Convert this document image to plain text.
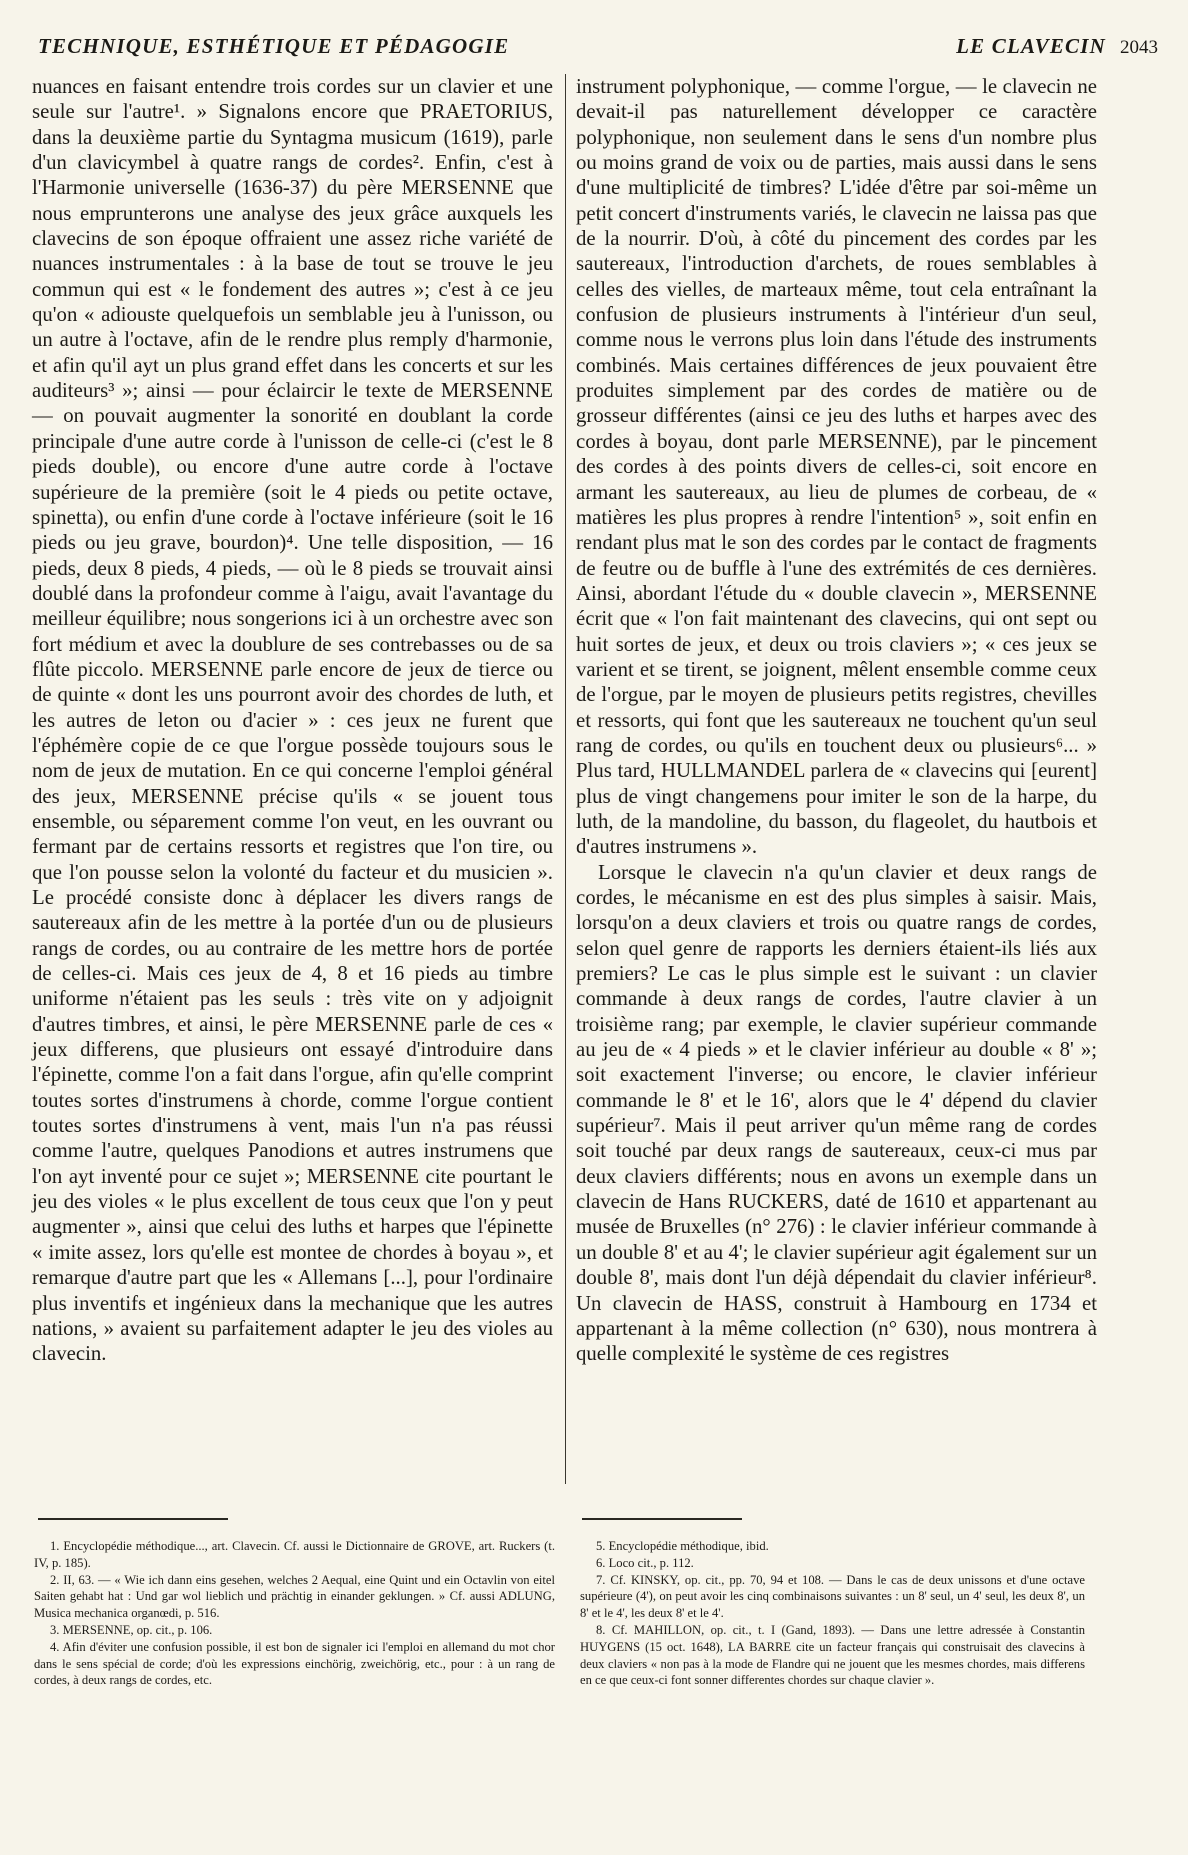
TECHNIQUE, ESTHÉTIQUE ET PÉDAGOGIE	LE CLAVECIN 2043

nuances en faisant entendre trois cordes sur un clavier et une seule sur l'autre¹. » Signalons encore que PRAETORIUS, dans la deuxième partie du Syntagma musicum (1619), parle d'un clavicymbel à quatre rangs de cordes². Enfin, c'est à l'Harmonie universelle (1636-37) du père MERSENNE que nous emprunterons une analyse des jeux grâce auxquels les clavecins de son époque offraient une assez riche variété de nuances instrumentales : à la base de tout se trouve le jeu commun qui est « le fondement des autres »; c'est à ce jeu qu'on « adiouste quelquefois un semblable jeu à l'unisson, ou un autre à l'octave, afin de le rendre plus remply d'harmonie, et afin qu'il ayt un plus grand effet dans les concerts et sur les auditeurs³ »; ainsi — pour éclaircir le texte de MERSENNE — on pouvait augmenter la sonorité en doublant la corde principale d'une autre corde à l'unisson de celle-ci (c'est le 8 pieds double), ou encore d'une autre corde à l'octave supérieure de la première (soit le 4 pieds ou petite octave, spinetta), ou enfin d'une corde à l'octave inférieure (soit le 16 pieds ou jeu grave, bourdon)⁴. Une telle disposition, — 16 pieds, deux 8 pieds, 4 pieds, — où le 8 pieds se trouvait ainsi doublé dans la profondeur comme à l'aigu, avait l'avantage du meilleur équilibre; nous songerions ici à un orchestre avec son fort médium et avec la doublure de ses contrebasses ou de sa flûte piccolo. MERSENNE parle encore de jeux de tierce ou de quinte « dont les uns pourront avoir des chordes de luth, et les autres de leton ou d'acier » : ces jeux ne furent que l'éphémère copie de ce que l'orgue possède toujours sous le nom de jeux de mutation. En ce qui concerne l'emploi général des jeux, MERSENNE précise qu'ils « se jouent tous ensemble, ou séparement comme l'on veut, en les ouvrant ou fermant par de certains ressorts et registres que l'on tire, ou que l'on pousse selon la volonté du facteur et du musicien ». Le procédé consiste donc à déplacer les divers rangs de sautereaux afin de les mettre à la portée d'un ou de plusieurs rangs de cordes, ou au contraire de les mettre hors de portée de celles-ci. Mais ces jeux de 4, 8 et 16 pieds au timbre uniforme n'étaient pas les seuls : très vite on y adjoignit d'autres timbres, et ainsi, le père MERSENNE parle de ces « jeux differens, que plusieurs ont essayé d'introduire dans l'épinette, comme l'on a fait dans l'orgue, afin qu'elle comprint toutes sortes d'instrumens à chorde, comme l'orgue contient toutes sortes d'instrumens à vent, mais l'un n'a pas réussi comme l'autre, quelques Panodions et autres instrumens que l'on ayt inventé pour ce sujet »; MERSENNE cite pourtant le jeu des violes « le plus excellent de tous ceux que l'on y peut augmenter », ainsi que celui des luths et harpes que l'épinette « imite assez, lors qu'elle est montee de chordes à boyau », et remarque d'autre part que les « Allemans [...], pour l'ordinaire plus inventifs et ingénieux dans la mechanique que les autres nations, » avaient su parfaitement adapter le jeu des violes au clavecin.

instrument polyphonique, — comme l'orgue, — le clavecin ne devait-il pas naturellement développer ce caractère polyphonique, non seulement dans le sens d'un nombre plus ou moins grand de voix ou de parties, mais aussi dans le sens d'une multiplicité de timbres? L'idée d'être par soi-même un petit concert d'instruments variés, le clavecin ne laissa pas que de la nourrir. D'où, à côté du pincement des cordes par les sautereaux, l'introduction d'archets, de roues semblables à celles des vielles, de marteaux même, tout cela entraînant la confusion de plusieurs instruments à l'intérieur d'un seul, comme nous le verrons plus loin dans l'étude des instruments combinés. Mais certaines différences de jeux pouvaient être produites simplement par des cordes de matière ou de grosseur différentes (ainsi ce jeu des luths et harpes avec des cordes à boyau, dont parle MERSENNE), par le pincement des cordes à des points divers de celles-ci, soit encore en armant les sautereaux, au lieu de plumes de corbeau, de « matières les plus propres à rendre l'intention⁵ », soit enfin en rendant plus mat le son des cordes par le contact de fragments de feutre ou de buffle à l'une des extrémités de ces dernières. Ainsi, abordant l'étude du « double clavecin », MERSENNE écrit que « l'on fait maintenant des clavecins, qui ont sept ou huit sortes de jeux, et deux ou trois claviers »; « ces jeux se varient et se tirent, se joignent, mêlent ensemble comme ceux de l'orgue, par le moyen de plusieurs petits registres, chevilles et ressorts, qui font que les sautereaux ne touchent qu'un seul rang de cordes, ou qu'ils en touchent deux ou plusieurs⁶... » Plus tard, HULLMANDEL parlera de « clavecins qui [eurent] plus de vingt changemens pour imiter le son de la harpe, du luth, de la mandoline, du basson, du flageolet, du hautbois et d'autres instrumens ».

Lorsque le clavecin n'a qu'un clavier et deux rangs de cordes, le mécanisme en est des plus simples à saisir. Mais, lorsqu'on a deux claviers et trois ou quatre rangs de cordes, selon quel genre de rapports les derniers étaient-ils liés aux premiers? Le cas le plus simple est le suivant : un clavier commande à deux rangs de cordes, l'autre clavier à un troisième rang; par exemple, le clavier supérieur commande au jeu de « 4 pieds » et le clavier inférieur au double « 8' »; soit exactement l'inverse; ou encore, le clavier inférieur commande le 8' et le 16', alors que le 4' dépend du clavier supérieur⁷. Mais il peut arriver qu'un même rang de cordes soit touché par deux rangs de sautereaux, ceux-ci mus par deux claviers différents; nous en avons un exemple dans un clavecin de Hans RUCKERS, daté de 1610 et appartenant au musée de Bruxelles (n° 276) : le clavier inférieur commande à un double 8' et au 4'; le clavier supérieur agit également sur un double 8', mais dont l'un déjà dépendait du clavier inférieur⁸. Un clavecin de HASS, construit à Hambourg en 1734 et appartenant à la même collection (n° 630), nous montrera à quelle complexité le système de ces registres

1. Encyclopédie méthodique..., art. Clavecin. Cf. aussi le Dictionnaire de GROVE, art. Ruckers (t. IV, p. 185).

2. II, 63. — « Wie ich dann eins gesehen, welches 2 Aequal, eine Quint und ein Octavlin von eitel Saiten gehabt hat : Und gar wol lieblich und prächtig in einander geklungen. » Cf. aussi ADLUNG, Musica mechanica organœdi, p. 516.

3. MERSENNE, op. cit., p. 106.

4. Afin d'éviter une confusion possible, il est bon de signaler ici l'emploi en allemand du mot chor dans le sens spécial de corde; d'où les expressions einchörig, zweichörig, etc., pour : à un rang de cordes, à deux rangs de cordes, etc.

5. Encyclopédie méthodique, ibid.

6. Loco cit., p. 112.

7. Cf. KINSKY, op. cit., pp. 70, 94 et 108. — Dans le cas de deux unissons et d'une octave supérieure (4'), on peut avoir les cinq combinaisons suivantes : un 8' seul, un 4' seul, les deux 8', un 8' et le 4', les deux 8' et le 4'.

8. Cf. MAHILLON, op. cit., t. I (Gand, 1893). — Dans une lettre adressée à Constantin HUYGENS (15 oct. 1648), LA BARRE cite un facteur français qui construisait des clavecins à deux claviers « non pas à la mode de Flandre qui ne jouent que les mesmes chordes, mais differens en ce que ceux-ci font sonner differentes chordes sur chaque clavier ».
